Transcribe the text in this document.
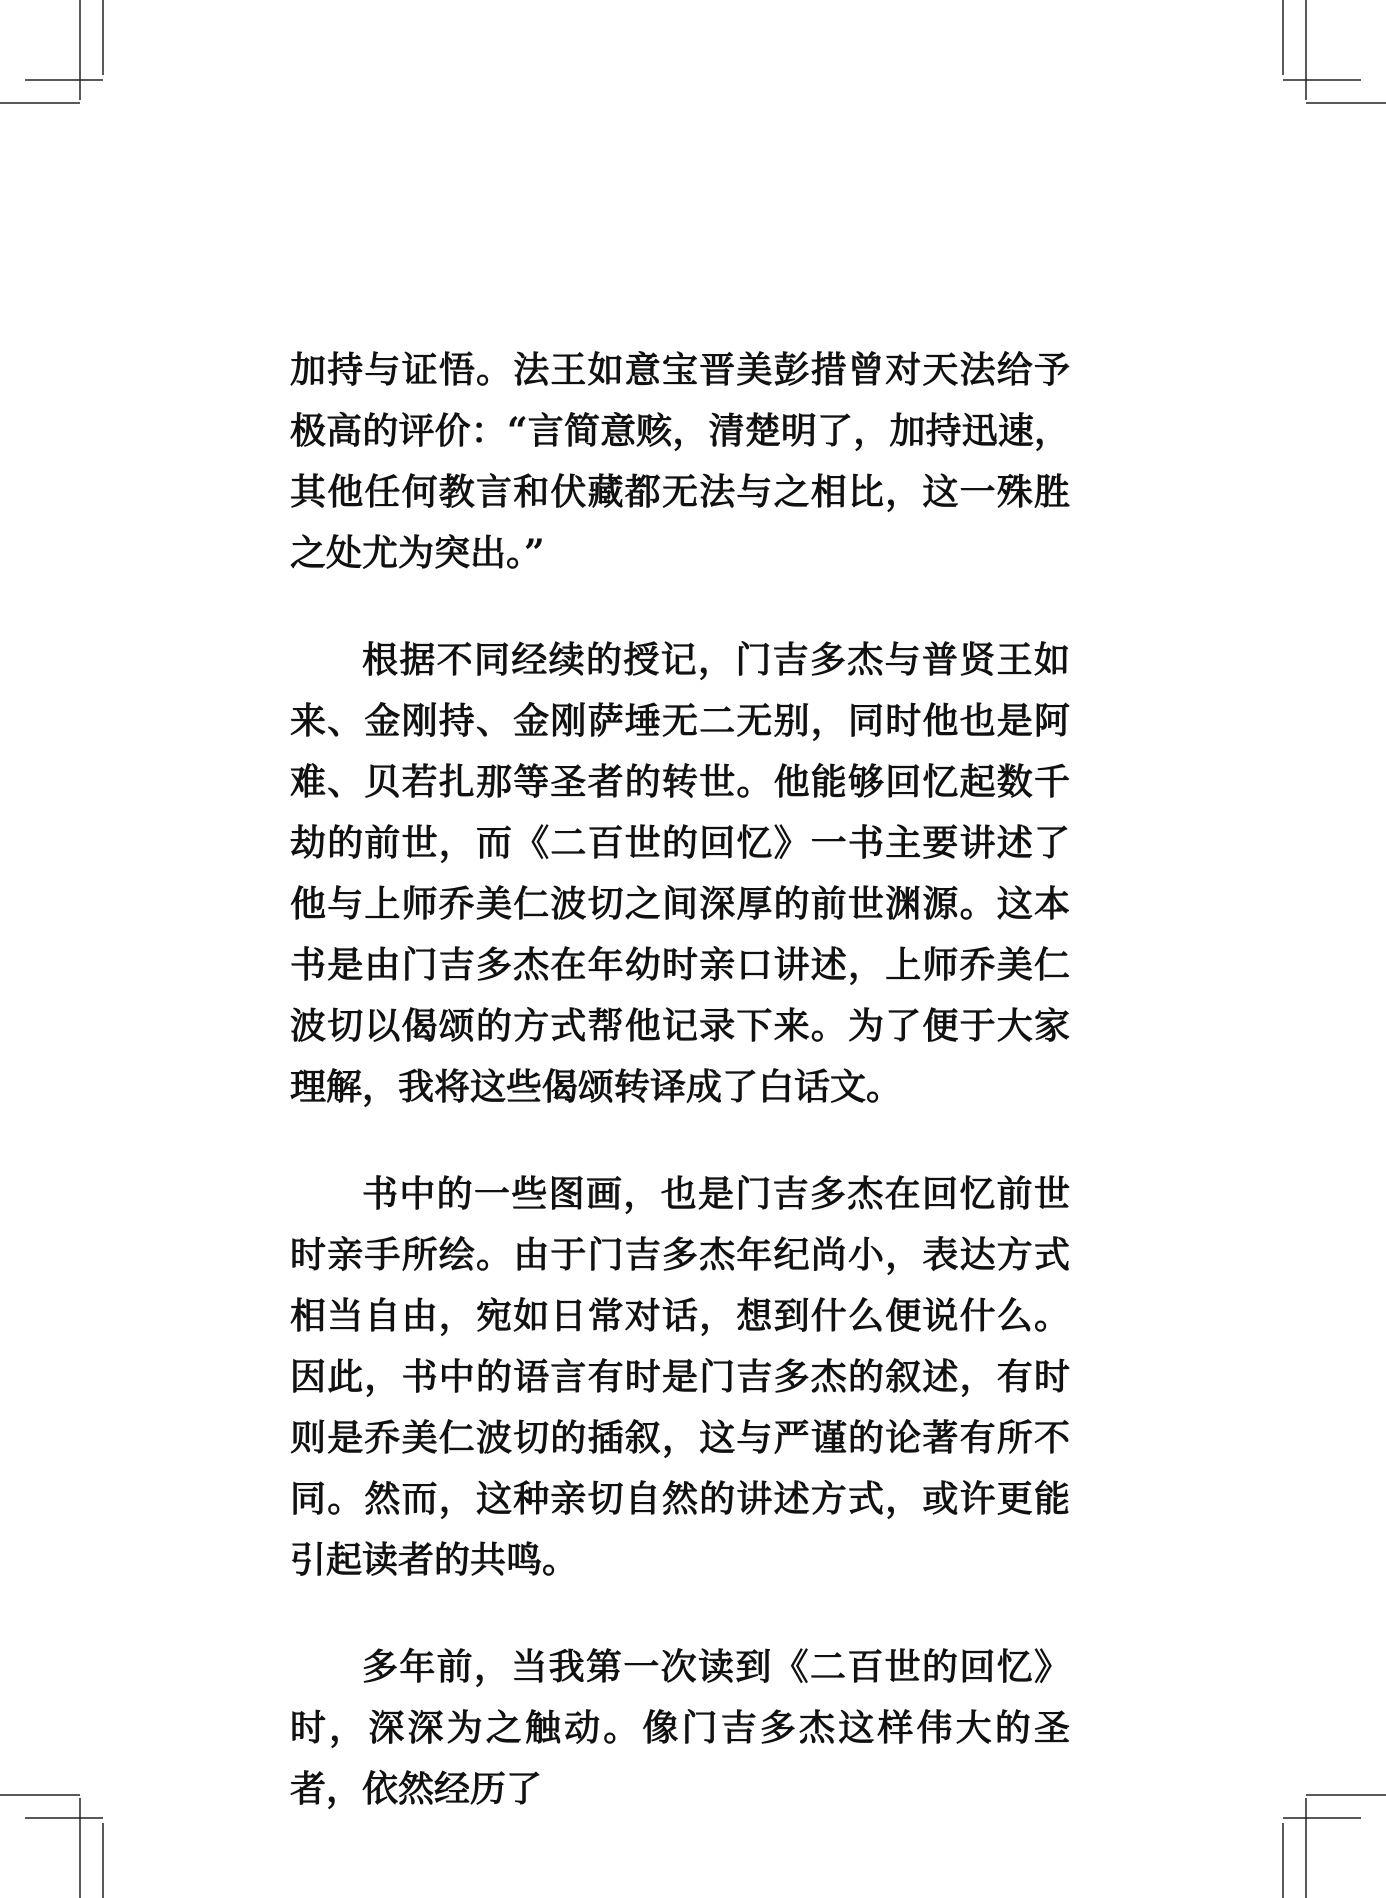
加持与证悟。法王如意宝晋美彭措曾对天法给予极高的评价：“言简意赅，清楚明了，加持迅速，其他任何教言和伏藏都无法与之相比，这一殊胜之处尤为突出。”

根据不同经续的授记，门吉多杰与普贤王如来、金刚持、金刚萨埵无二无别，同时他也是阿难、贝若扎那等圣者的转世。他能够回忆起数千劫的前世，而《二百世的回忆》一书主要讲述了他与上师乔美仁波切之间深厚的前世渊源。这本书是由门吉多杰在年幼时亲口讲述，上师乔美仁波切以偈颂的方式帮他记录下来。为了便于大家理解，我将这些偈颂转译成了白话文。

书中的一些图画，也是门吉多杰在回忆前世时亲手所绘。由于门吉多杰年纪尚小，表达方式相当自由，宛如日常对话，想到什么便说什么。因此，书中的语言有时是门吉多杰的叙述，有时则是乔美仁波切的插叙，这与严谨的论著有所不同。然而，这种亲切自然的讲述方式，或许更能引起读者的共鸣。

多年前，当我第一次读到《二百世的回忆》时，深深为之触动。像门吉多杰这样伟大的圣者，依然经历了
